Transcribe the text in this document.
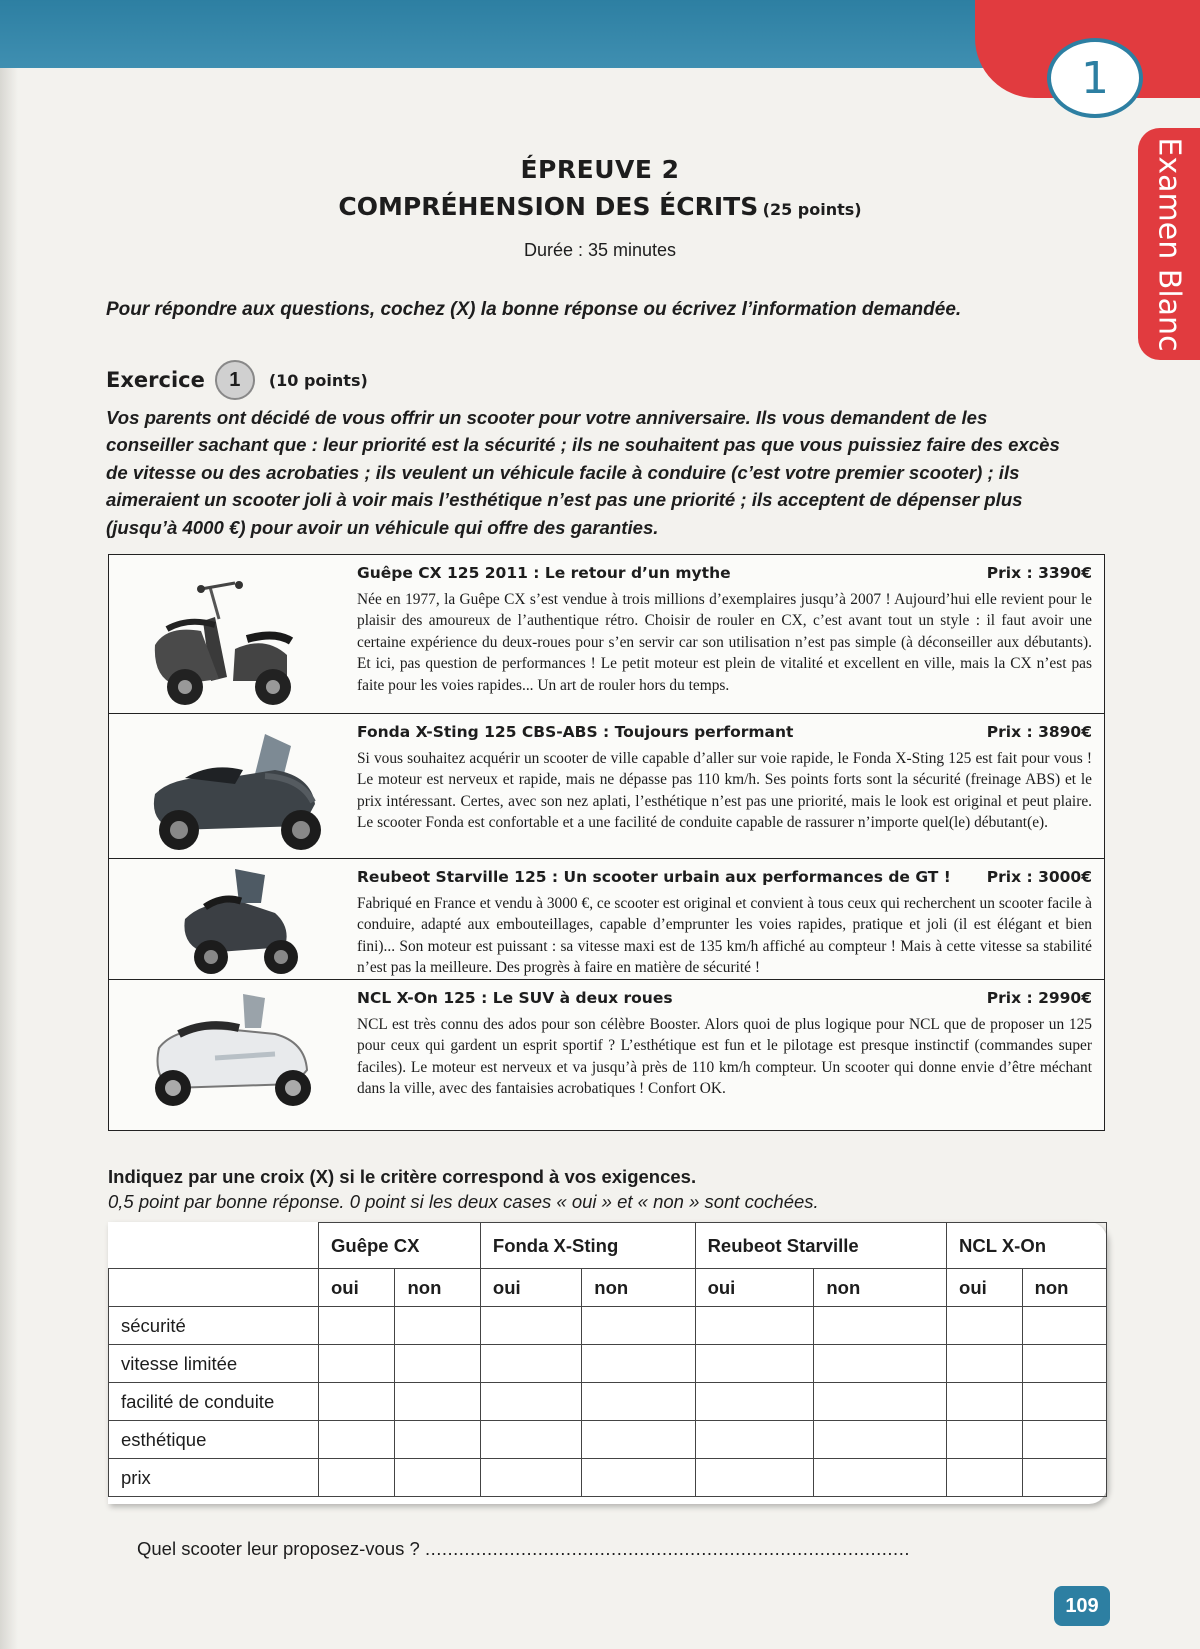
1
Examen Blanc
ÉPREUVE 2
COMPRÉHENSION DES ÉCRITS (25 points)
Durée : 35 minutes
Pour répondre aux questions, cochez (X) la bonne réponse ou écrivez l’information demandée.
Exercice	1	(10 points)
Vos parents ont décidé de vous offrir un scooter pour votre anniversaire. Ils vous demandent de les conseiller sachant que : leur priorité est la sécurité ; ils ne souhaitent pas que vous puissiez faire des excès de vitesse ou des acrobaties ; ils veulent un véhicule facile à conduire (c’est votre premier scooter) ; ils aimeraient un scooter joli à voir mais l’esthétique n’est pas une priorité ; ils acceptent de dépenser plus (jusqu’à 4000 €) pour avoir un véhicule qui offre des garanties.
Guêpe CX 125 2011 : Le retour d’un mythe	Prix : 3390€
Née en 1977, la Guêpe CX s’est vendue à trois millions d’exemplaires jusqu’à 2007 ! Aujourd’hui elle revient pour le plaisir des amoureux de l’authentique rétro. Choisir de rouler en CX, c’est avant tout un style : il faut avoir une certaine expérience du deux-roues pour s’en servir car son utilisation n’est pas simple (à déconseiller aux débutants). Et ici, pas question de performances ! Le petit moteur est plein de vitalité et excellent en ville, mais la CX n’est pas faite pour les voies rapides... Un art de rouler hors du temps.
Fonda X-Sting 125 CBS-ABS : Toujours performant	Prix : 3890€
Si vous souhaitez acquérir un scooter de ville capable d’aller sur voie rapide, le Fonda X-Sting 125 est fait pour vous ! Le moteur est nerveux et rapide, mais ne dépasse pas 110 km/h. Ses points forts sont la sécurité (freinage ABS) et le prix intéressant. Certes, avec son nez aplati, l’esthétique n’est pas une priorité, mais le look est original et peut plaire. Le scooter Fonda est confortable et a une facilité de conduite capable de rassurer n’importe quel(le) débutant(e).
Reubeot Starville 125 : Un scooter urbain aux performances de GT ! Prix : 3000€
Fabriqué en France et vendu à 3000 €, ce scooter est original et convient à tous ceux qui recherchent un scooter facile à conduire, adapté aux embouteillages, capable d’emprunter les voies rapides, pratique et joli (il est élégant et bien fini)... Son moteur est puissant : sa vitesse maxi est de 135 km/h affiché au compteur ! Mais à cette vitesse sa stabilité n’est pas la meilleure. Des progrès à faire en matière de sécurité !
NCL X-On 125 : Le SUV à deux roues	Prix : 2990€
NCL est très connu des ados pour son célèbre Booster. Alors quoi de plus logique pour NCL que de proposer un 125 pour ceux qui gardent un esprit sportif ? L’esthétique est fun et le pilotage est presque instinctif (commandes super faciles). Le moteur est nerveux et va jusqu’à près de 110 km/h compteur. Un scooter qui donne envie d’être méchant dans la ville, avec des fantaisies acrobatiques ! Confort OK.
Indiquez par une croix (X) si le critère correspond à vos exigences.
0,5 point par bonne réponse. 0 point si les deux cases « oui » et « non » sont cochées.
	Guêpe CX		Fonda X-Sting		Reubeot Starville		NCL X-On	
	oui	non	oui	non	oui	non	oui	non
sécurité								
vitesse limitée								
facilité de conduite								
esthétique								
prix								
Quel scooter leur proposez-vous ? ......................................................................................
109
